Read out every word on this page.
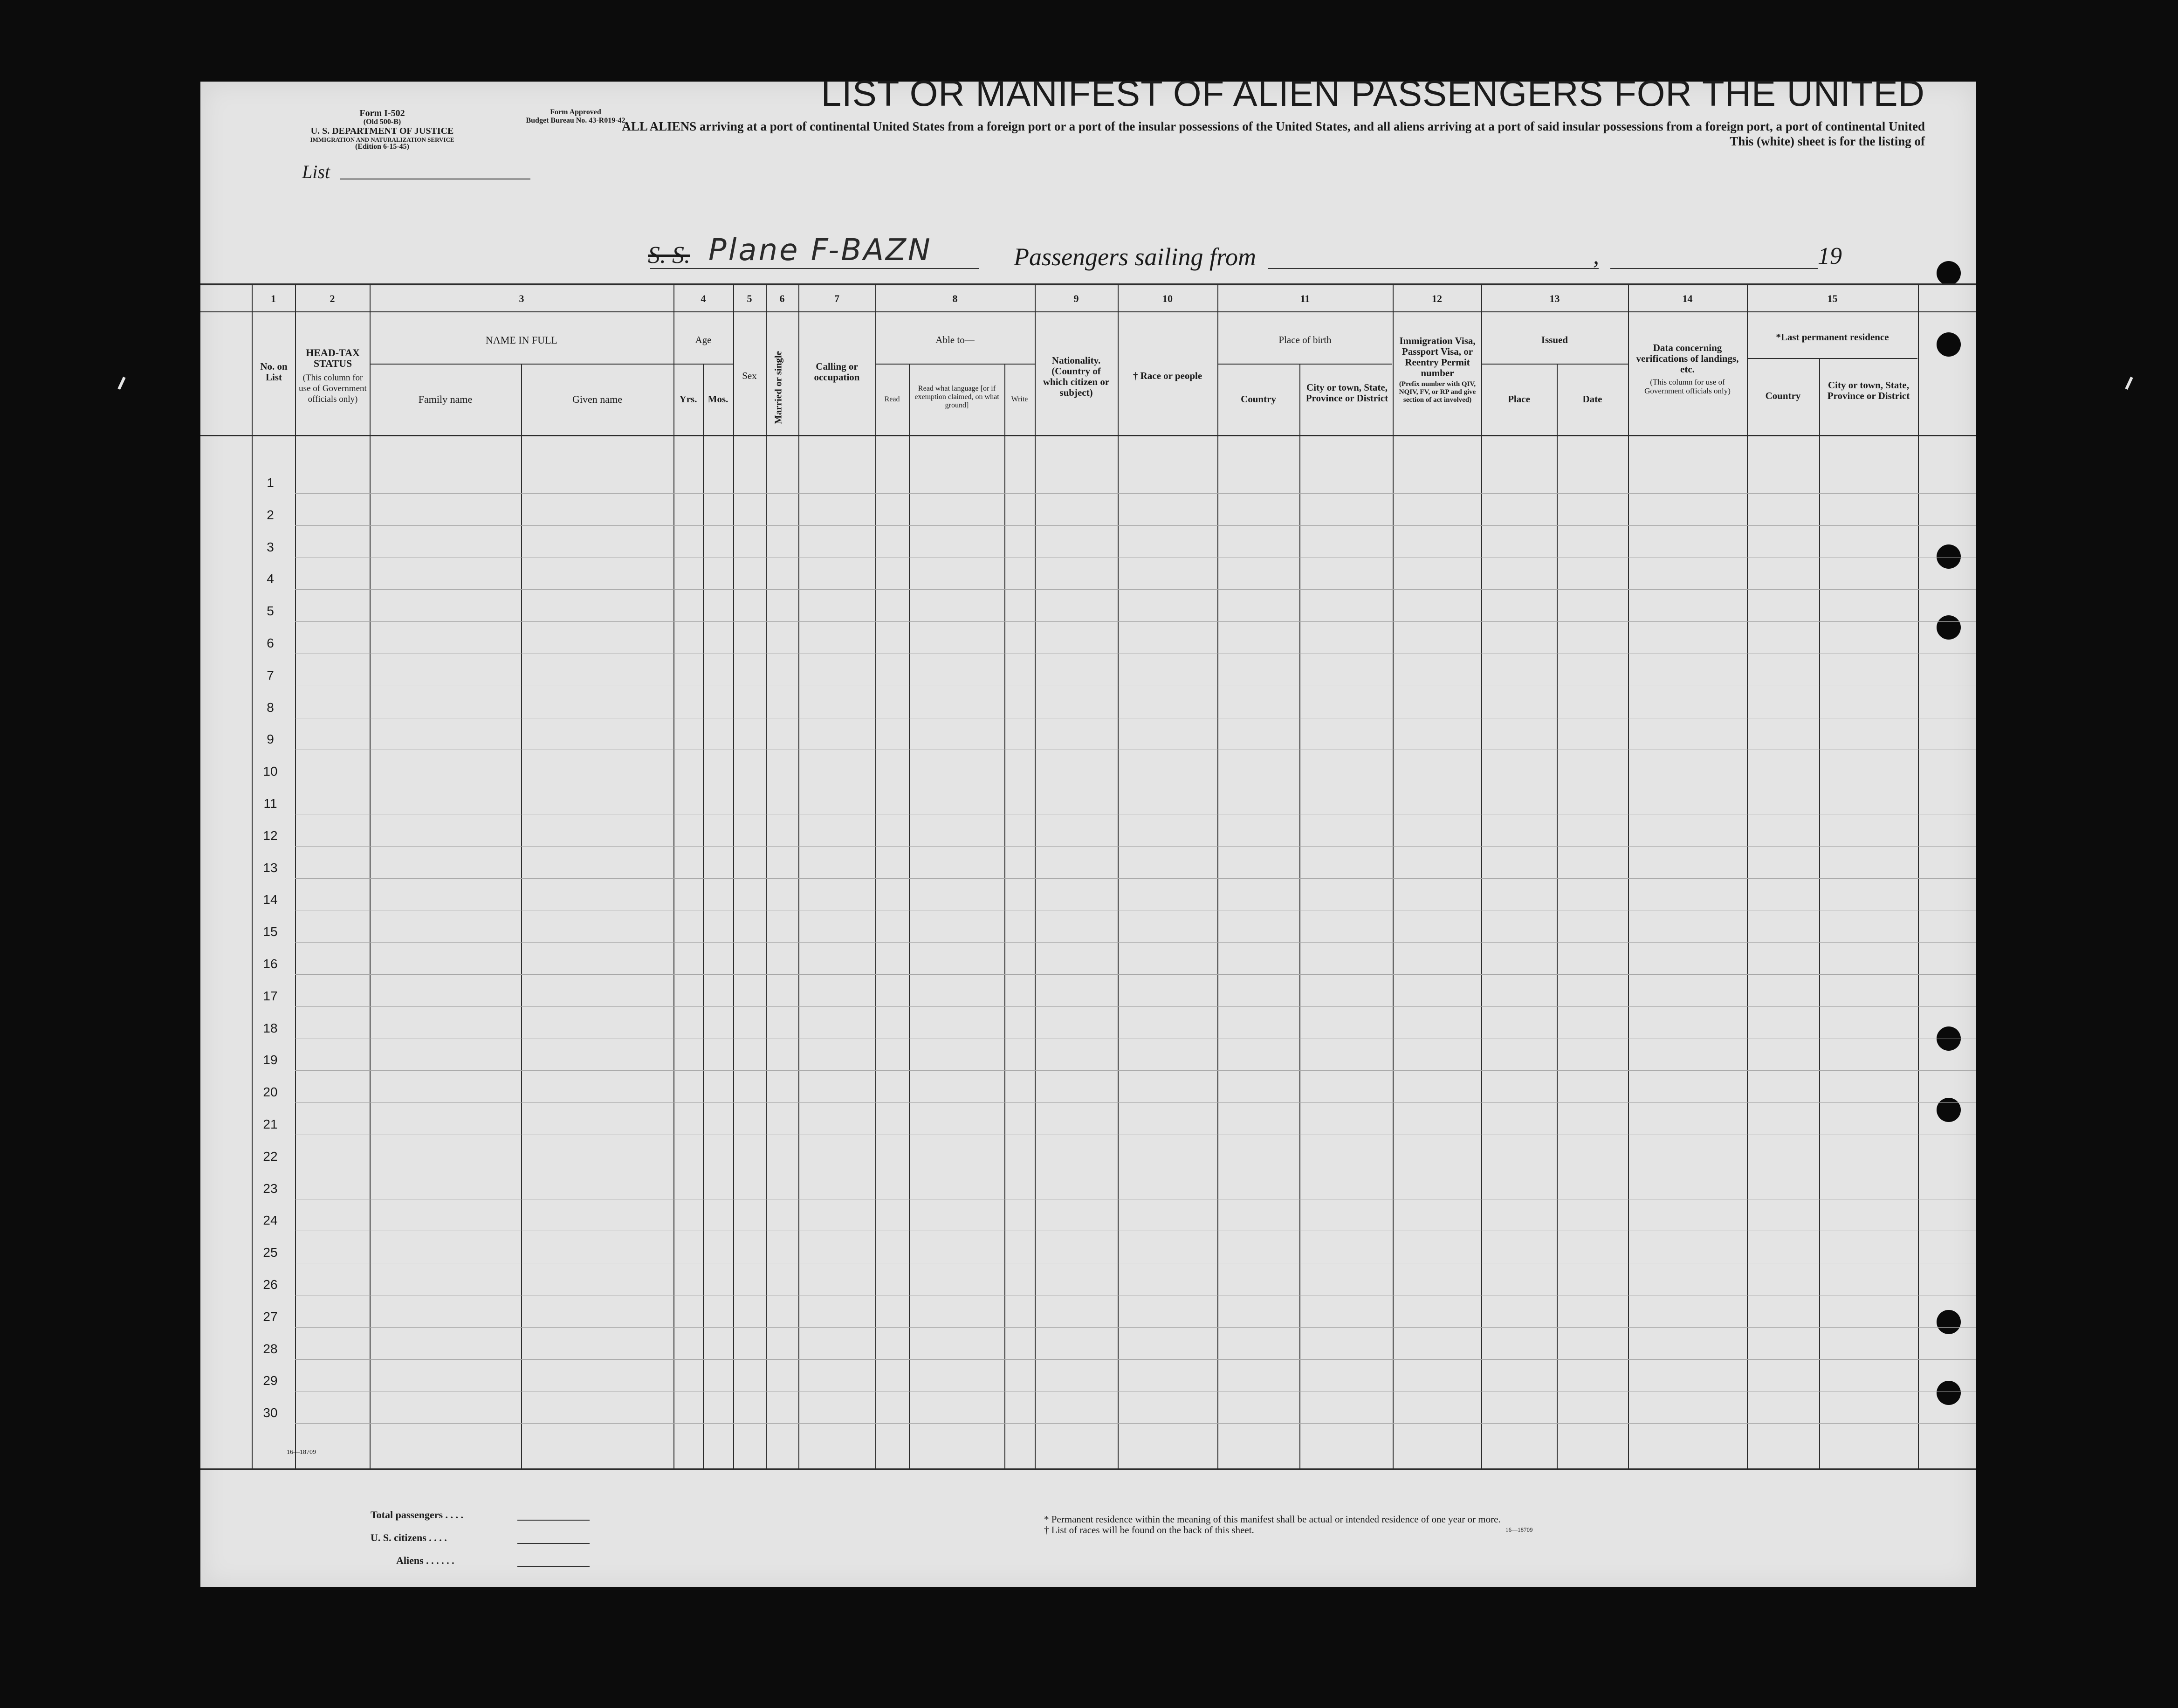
Form I-502
(Old 500-B)
U. S. DEPARTMENT OF JUSTICE
IMMIGRATION AND NATURALIZATION SERVICE
(Edition 6-15-45)
Form Approved
Budget Bureau No. 43-R019-42
List
LIST OR MANIFEST OF ALIEN PASSENGERS FOR THE UNITED
ALL ALIENS arriving at a port of continental United States from a foreign port or a port of the insular possessions of the United States, and all aliens arriving at a port of said insular possessions from a foreign port, a port of continental United
This (white) sheet is for the listing of
S. S. Plane F-BAZN	Passengers sailing from	,	19
1	2	3	4	5	6	7	8	9	10	11	12	13	14	15
No. on List
HEAD-TAX STATUS
(This column for use of Government officials only)
NAME IN FULL
Family name	Given name
Age
Yrs.	Mos.
Sex	Married or single	Calling or occupation
Able to—
Read
Read what language [or if exemption claimed, on what ground]
Write
Nationality. (Country of which citizen or subject)
† Race or people
Place of birth
Country
City or town, State, Province or District
Immigration Visa, Passport Visa, or Reentry Permit number
(Prefix number with QIV, NQIV, FV, or RP and give section of act involved)
Issued
Place	Date
Data concerning verifications of landings, etc.
(This column for use of Government officials only)
*Last permanent residence
Country
City or town, State, Province or District
1
2
3
4
5
6
7
8
9
10
11
12
13
14
15
16
17
18
19
20
21
22
23
24
25
26
27
28
29
30
16—18709
Total passengers . . . .
U. S. citizens . . . .
Aliens . . . . . .
* Permanent residence within the meaning of this manifest shall be actual or intended residence of one year or more.
† List of races will be found on the back of this sheet.	16—18709
